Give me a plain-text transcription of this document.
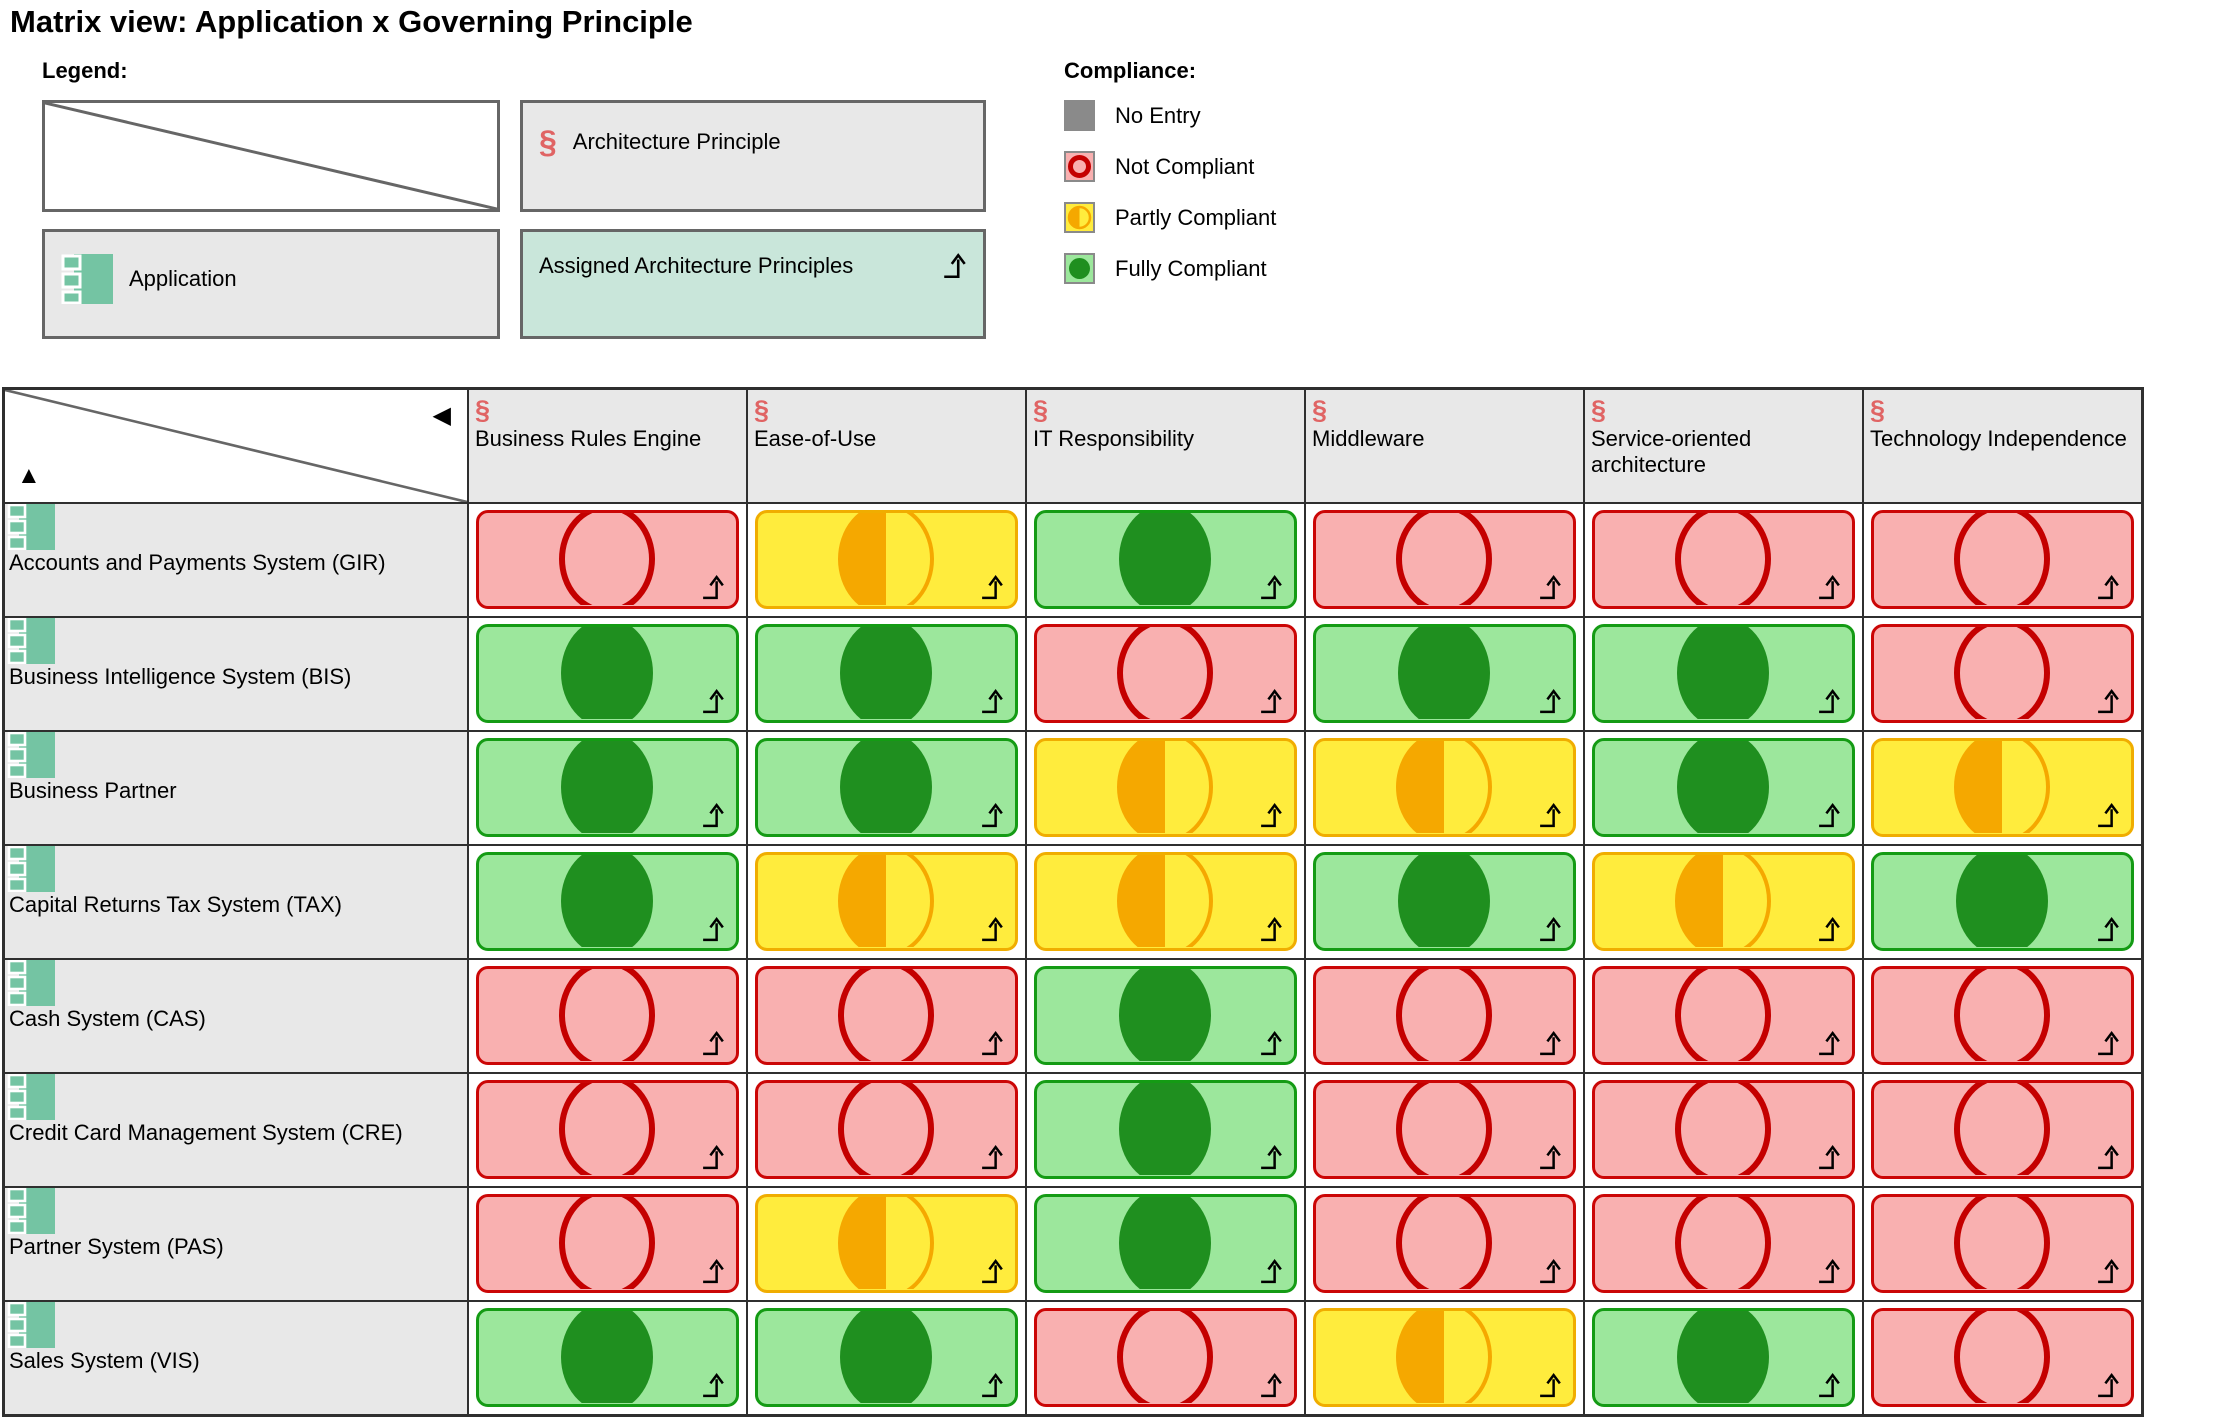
Matrix view: Application x Governing Principle
Legend:
§ Architecture Principle
Application
Assigned Architecture Principles
Compliance:
No Entry
Not Compliant
Partly Compliant
Fully Compliant
◀
▲
§
Business Rules Engine
§
Ease-of-Use
§
IT Responsibility
§
Middleware
§
Service-oriented architecture
§
Technology Independence
Accounts and Payments System (GIR)
Business Intelligence System (BIS)
Business Partner
Capital Returns Tax System (TAX)
Cash System (CAS)
Credit Card Management System (CRE)
Partner System (PAS)
Sales System (VIS)
